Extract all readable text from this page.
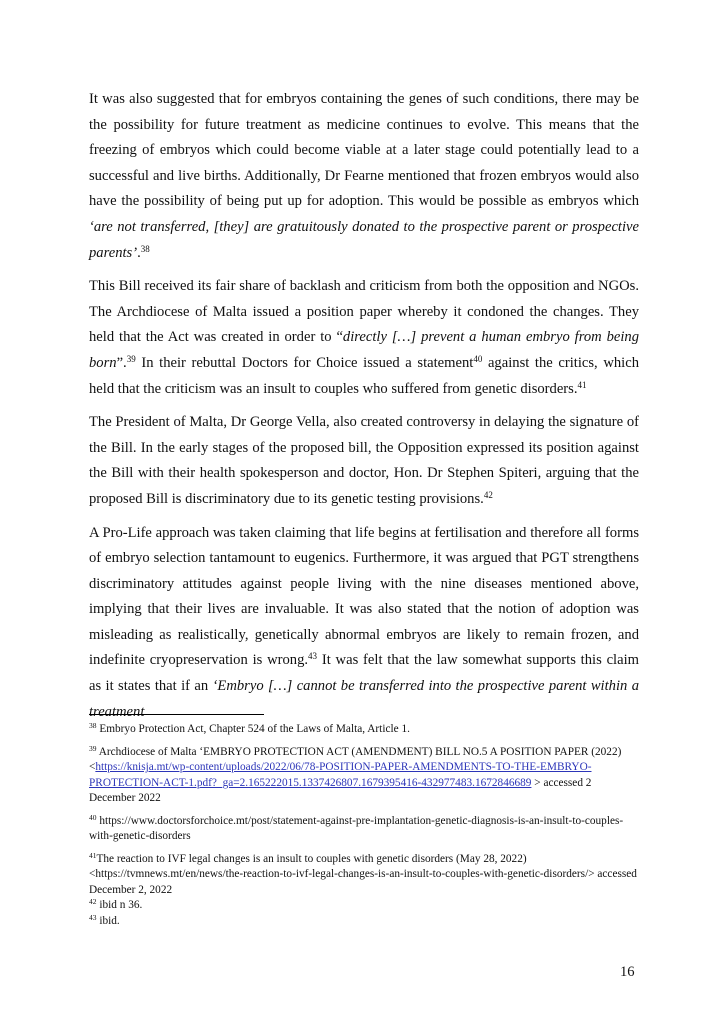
It was also suggested that for embryos containing the genes of such conditions, there may be the possibility for future treatment as medicine continues to evolve. This means that the freezing of embryos which could become viable at a later stage could potentially lead to a successful and live births. Additionally, Dr Fearne mentioned that frozen embryos would also have the possibility of being put up for adoption. This would be possible as embryos which ‘are not transferred, [they] are gratuitously donated to the prospective parent or prospective parents’.$^{38}$

This Bill received its fair share of backlash and criticism from both the opposition and NGOs. The Archdiocese of Malta issued a position paper whereby it condoned the changes. They held that the Act was created in order to “directly […] prevent a human embryo from being born”.$^{39}$ In their rebuttal Doctors for Choice issued a statement$^{40}$ against the critics, which held that the criticism was an insult to couples who suffered from genetic disorders.$^{41}$

The President of Malta, Dr George Vella, also created controversy in delaying the signature of the Bill. In the early stages of the proposed bill, the Opposition expressed its position against the Bill with their health spokesperson and doctor, Hon. Dr Stephen Spiteri, arguing that the proposed Bill is discriminatory due to its genetic testing provisions.$^{42}$

A Pro-Life approach was taken claiming that life begins at fertilisation and therefore all forms of embryo selection tantamount to eugenics. Furthermore, it was argued that PGT strengthens discriminatory attitudes against people living with the nine diseases mentioned above, implying that their lives are invaluable. It was also stated that the notion of adoption was misleading as realistically, genetically abnormal embryos are likely to remain frozen, and indefinite cryopreservation is wrong.$^{43}$ It was felt that the law somewhat supports this claim as it states that if an ‘Embryo […] cannot be transferred into the prospective parent within a treatment

$^{38}$ Embryo Protection Act, Chapter 524 of the Laws of Malta, Article 1.
$^{39}$ Archdiocese of Malta ‘EMBRYO PROTECTION ACT (AMENDMENT) BILL NO.5 A POSITION PAPER (2022) <https://knisja.mt/wp-content/uploads/2022/06/78-POSITION-PAPER-AMENDMENTS-TO-THE-EMBRYO-PROTECTION-ACT-1.pdf?_ga=2.165222015.1337426807.1679395416-432977483.1672846689 > accessed 2 December 2022
$^{40}$ https://www.doctorsforchoice.mt/post/statement-against-pre-implantation-genetic-diagnosis-is-an-insult-to-couples-with-genetic-disorders
$^{41}$The reaction to IVF legal changes is an insult to couples with genetic disorders (May 28, 2022) <https://tvmnews.mt/en/news/the-reaction-to-ivf-legal-changes-is-an-insult-to-couples-with-genetic-disorders/> accessed December 2, 2022
$^{42}$ ibid n 36.
$^{43}$ ibid.
16
